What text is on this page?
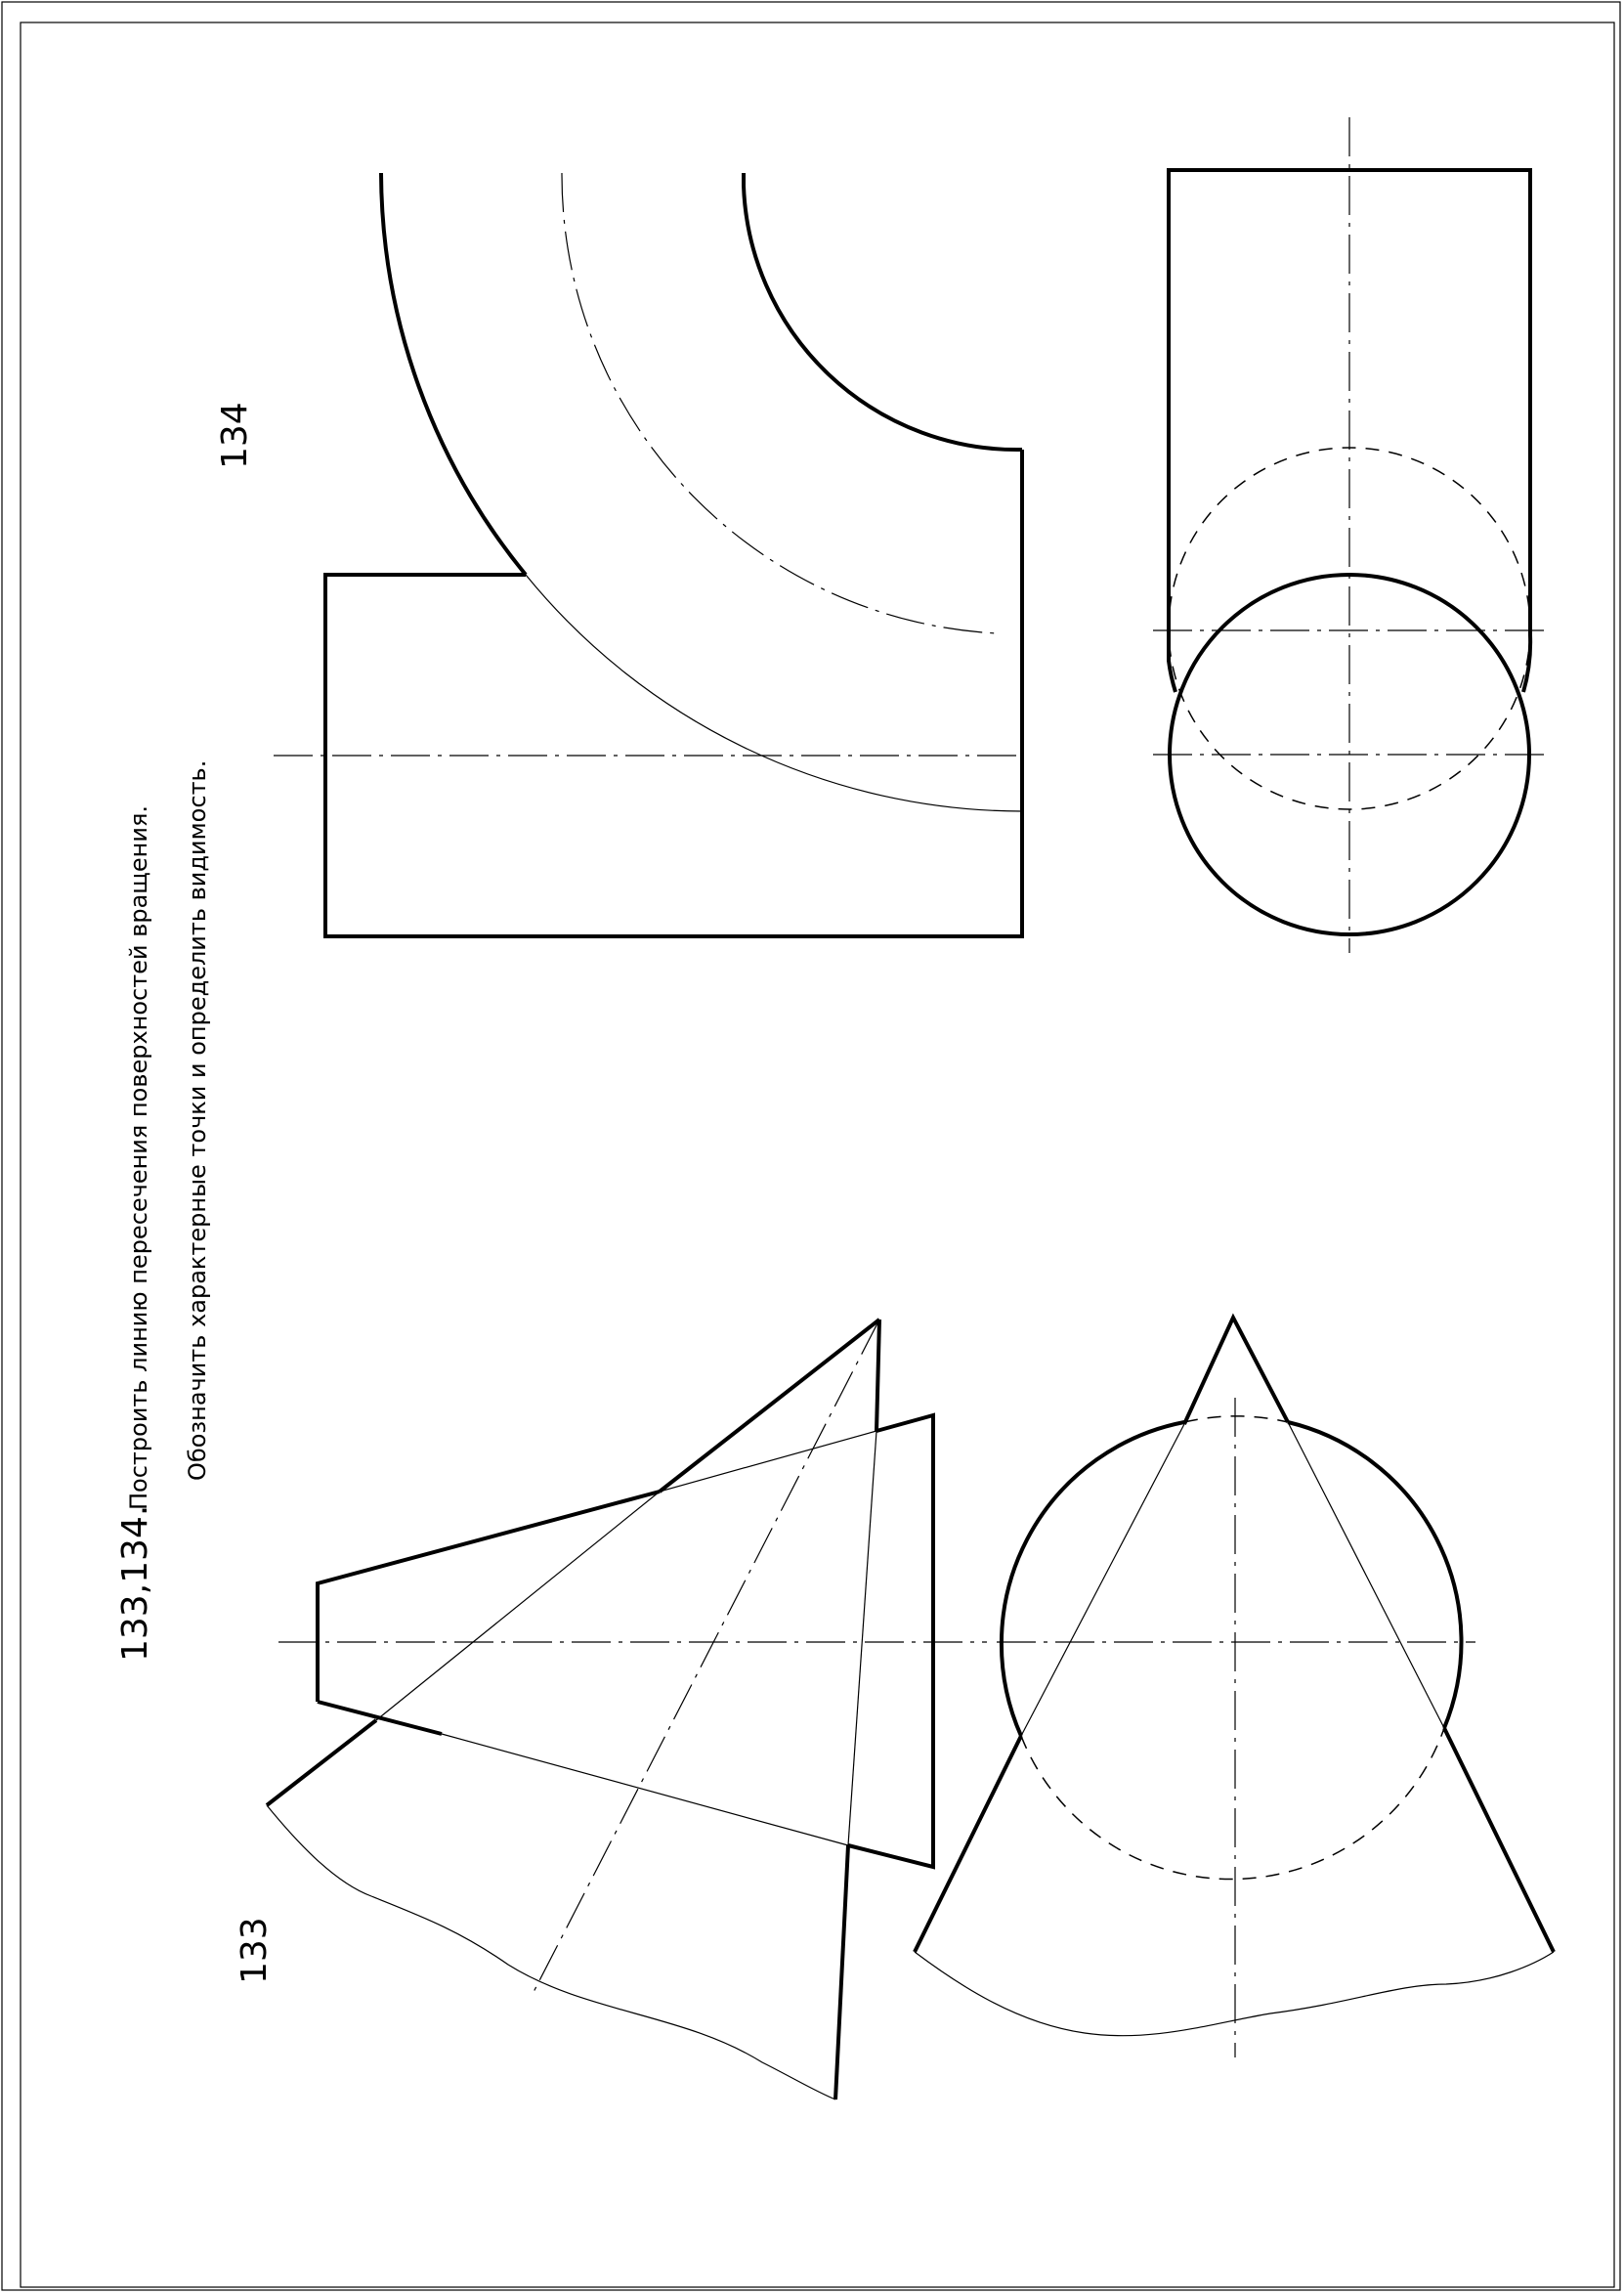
133,134.
Построить линию пересечения поверхностей вращения. Обозначить характерные точки и определить видимость.
133
134
